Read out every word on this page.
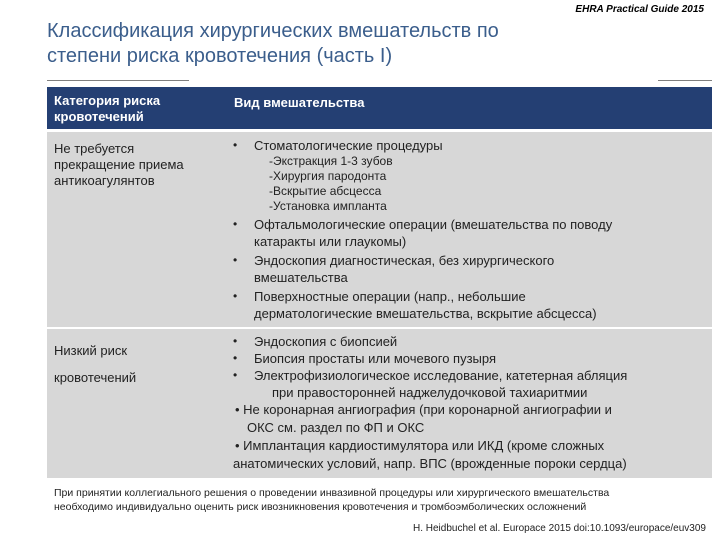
EHRA Practical Guide 2015
Классификация хирургических вмешательств по
степени риска кровотечения (часть I)
Категория риска
кровотечений
Вид вмешательства
Не требуется
прекращение приема
антикоагулянтов
• Стоматологические процедуры
-Экстракция 1-3 зубов
-Хирургия пародонта
-Вскрытие абсцесса
-Установка импланта
• Офтальмологические операции (вмешательства по поводу
катаракты или глаукомы)
• Эндоскопия диагностическая, без хирургического
вмешательства
• Поверхностные операции (напр., небольшие
дерматологические вмешательства, вскрытие абсцесса)
Низкий риск
кровотечений
• Эндоскопия с биопсией
• Биопсия простаты или мочевого пузыря
• Электрофизиологическое исследование, катетерная абляция
при правосторонней наджелудочковой тахиаритмии
• Не коронарная ангиография (при коронарной ангиографии и
ОКС см. раздел по ФП и ОКС
• Имплантация кардиостимулятора или ИКД (кроме сложных
анатомических условий, напр. ВПС (врожденные пороки сердца)
При принятии коллегиального решения о проведении инвазивной процедуры или хирургического вмешательства
необходимо индивидуально оценить риск ивозникновения кровотечения и тромбоэмболических осложнений
H. Heidbuchel et al. Europace 2015 doi:10.1093/europace/euv309
